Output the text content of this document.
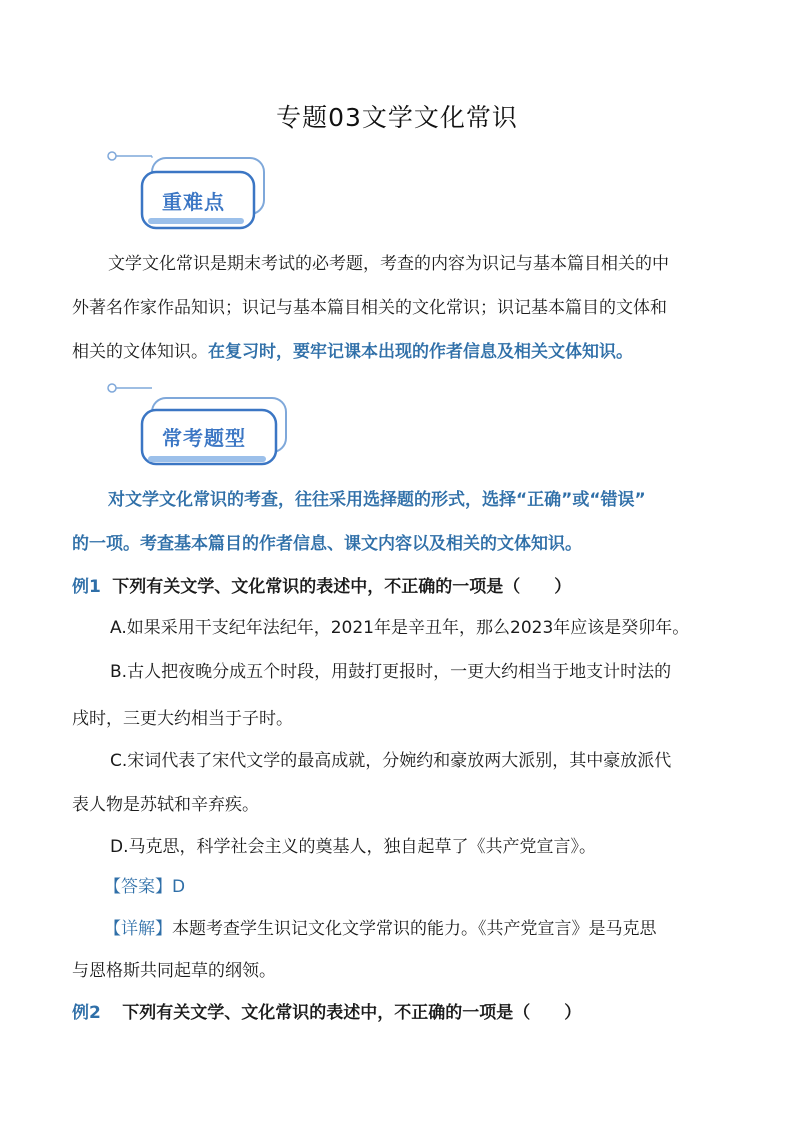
专题03文学文化常识
重难点
文学文化常识是期末考试的必考题，考查的内容为识记与基本篇目相关的中
外著名作家作品知识；识记与基本篇目相关的文化常识；识记基本篇目的文体和
相关的文体知识。在复习时，要牢记课本出现的作者信息及相关文体知识。
常考题型
对文学文化常识的考查，往往采用选择题的形式，选择“正确”或“错误”
的一项。考查基本篇目的作者信息、课文内容以及相关的文体知识。
例1 下列有关文学、文化常识的表述中，不正确的一项是（　　）
A.如果采用干支纪年法纪年，2021年是辛丑年，那么2023年应该是癸卯年。
B.古人把夜晚分成五个时段，用鼓打更报时，一更大约相当于地支计时法的
戌时，三更大约相当于子时。
C.宋词代表了宋代文学的最高成就，分婉约和豪放两大派别，其中豪放派代
表人物是苏轼和辛弃疾。
D.马克思，科学社会主义的奠基人，独自起草了《共产党宣言》。
【答案】D
【详解】本题考查学生识记文化文学常识的能力。《共产党宣言》是马克思
与恩格斯共同起草的纲领。
例2 下列有关文学、文化常识的表述中，不正确的一项是（　　）
